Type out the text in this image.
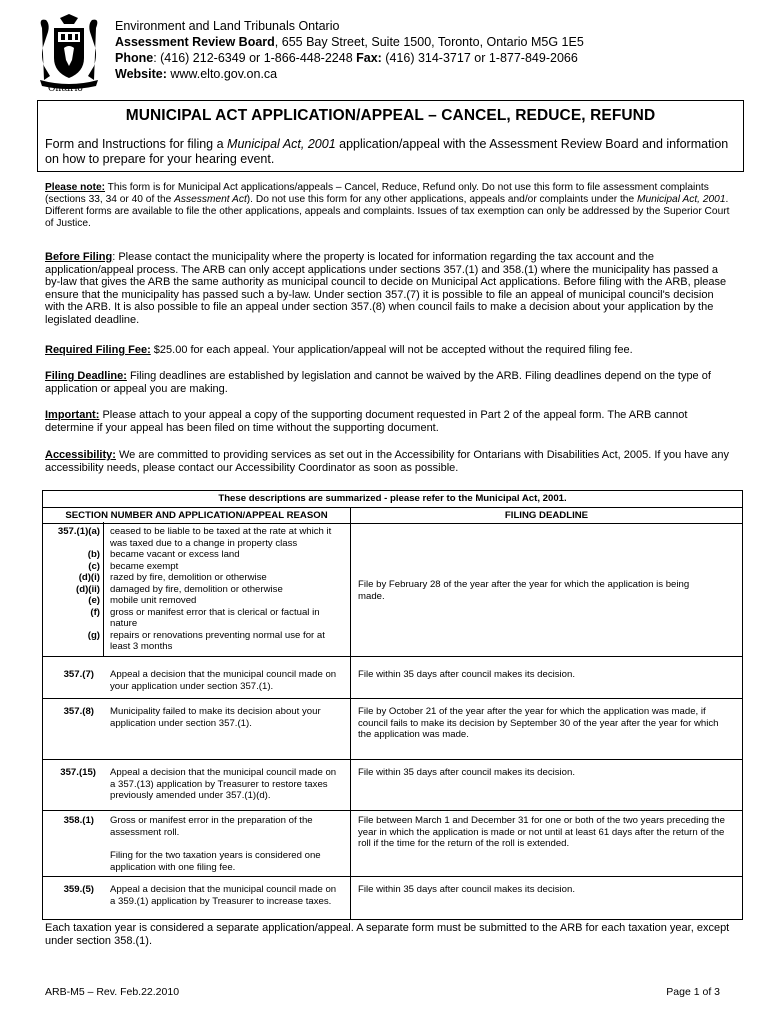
Ontario
Environment and Land Tribunals Ontario
Assessment Review Board, 655 Bay Street, Suite 1500, Toronto, Ontario M5G 1E5
Phone: (416) 212-6349 or 1-866-448-2248 Fax: (416) 314-3717 or 1-877-849-2066
Website: www.elto.gov.on.ca
MUNICIPAL ACT APPLICATION/APPEAL – CANCEL, REDUCE, REFUND
Form and Instructions for filing a Municipal Act, 2001 application/appeal with the Assessment Review Board and information on how to prepare for your hearing event.
Please note: This form is for Municipal Act applications/appeals – Cancel, Reduce, Refund only. Do not use this form to file assessment complaints (sections 33, 34 or 40 of the Assessment Act). Do not use this form for any other applications, appeals and/or complaints under the Municipal Act, 2001. Different forms are available to file the other applications, appeals and complaints. Issues of tax exemption can only be addressed by the Superior Court of Justice.
Before Filing: Please contact the municipality where the property is located for information regarding the tax account and the application/appeal process. The ARB can only accept applications under sections 357.(1) and 358.(1) where the municipality has passed a by-law that gives the ARB the same authority as municipal council to decide on Municipal Act applications. Before filing with the ARB, please ensure that the municipality has passed such a by-law. Under section 357.(7) it is possible to file an appeal of municipal council's decision with the ARB. It is also possible to file an appeal under section 357.(8) when council fails to make a decision about your application by the legislated deadline.
Required Filing Fee: $25.00 for each appeal. Your application/appeal will not be accepted without the required filing fee.
Filing Deadline: Filing deadlines are established by legislation and cannot be waived by the ARB. Filing deadlines depend on the type of application or appeal you are making.
Important: Please attach to your appeal a copy of the supporting document requested in Part 2 of the appeal form. The ARB cannot determine if your appeal has been filed on time without the supporting document.
Accessibility: We are committed to providing services as set out in the Accessibility for Ontarians with Disabilities Act, 2005. If you have any accessibility needs, please contact our Accessibility Coordinator as soon as possible.
These descriptions are summarized - please refer to the Municipal Act, 2001.
SECTION NUMBER AND APPLICATION/APPEAL REASON	FILING DEADLINE
357.(1)(a)
(b)
(c)
(d)(i)
(d)(ii)
(e)
(f)
(g)
ceased to be liable to be taxed at the rate at which it was taxed due to a change in property class
became vacant or excess land
became exempt
razed by fire, demolition or otherwise
damaged by fire, demolition or otherwise
mobile unit removed
gross or manifest error that is clerical or factual in nature
repairs or renovations preventing normal use for at least 3 months
File by February 28 of the year after the year for which the application is being made.
357.(7) Appeal a decision that the municipal council made on your application under section 357.(1).
File within 35 days after council makes its decision.
357.(8) Municipality failed to make its decision about your application under section 357.(1).
File by October 21 of the year after the year for which the application was made, if council fails to make its decision by September 30 of the year after the year for which the application was made.
357.(15) Appeal a decision that the municipal council made on a 357.(13) application by Treasurer to restore taxes previously amended under 357.(1)(d).
File within 35 days after council makes its decision.
358.(1) Gross or manifest error in the preparation of the assessment roll.
Filing for the two taxation years is considered one application with one filing fee.
File between March 1 and December 31 for one or both of the two years preceding the year in which the application is made or not until at least 61 days after the return of the roll if the time for the return of the roll is extended.
359.(5) Appeal a decision that the municipal council made on a 359.(1) application by Treasurer to increase taxes.
File within 35 days after council makes its decision.
Each taxation year is considered a separate application/appeal. A separate form must be submitted to the ARB for each taxation year, except under section 358.(1).
ARB-M5 – Rev. Feb.22.2010	Page 1 of 3
